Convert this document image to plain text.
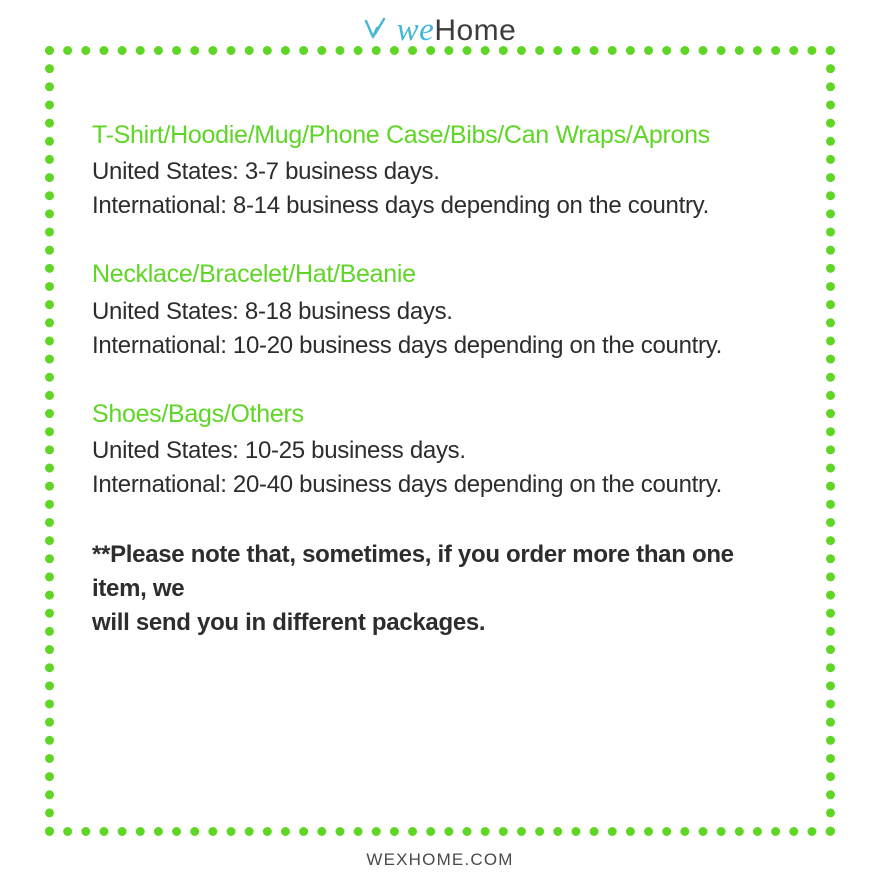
we Home

T-Shirt/Hoodie/Mug/Phone Case/Bibs/Can Wraps/Aprons

United States: 3-7 business days.

International: 8-14 business days depending on the country.

Necklace/Bracelet/Hat/Beanie

United States: 8-18 business days.

International: 10-20 business days depending on the country.

Shoes/Bags/Others

United States: 10-25 business days.

International: 20-40 business days depending on the country.

**Please note that, sometimes, if you order more than one item, we

will send you in different packages.

WEXHOME.COM
